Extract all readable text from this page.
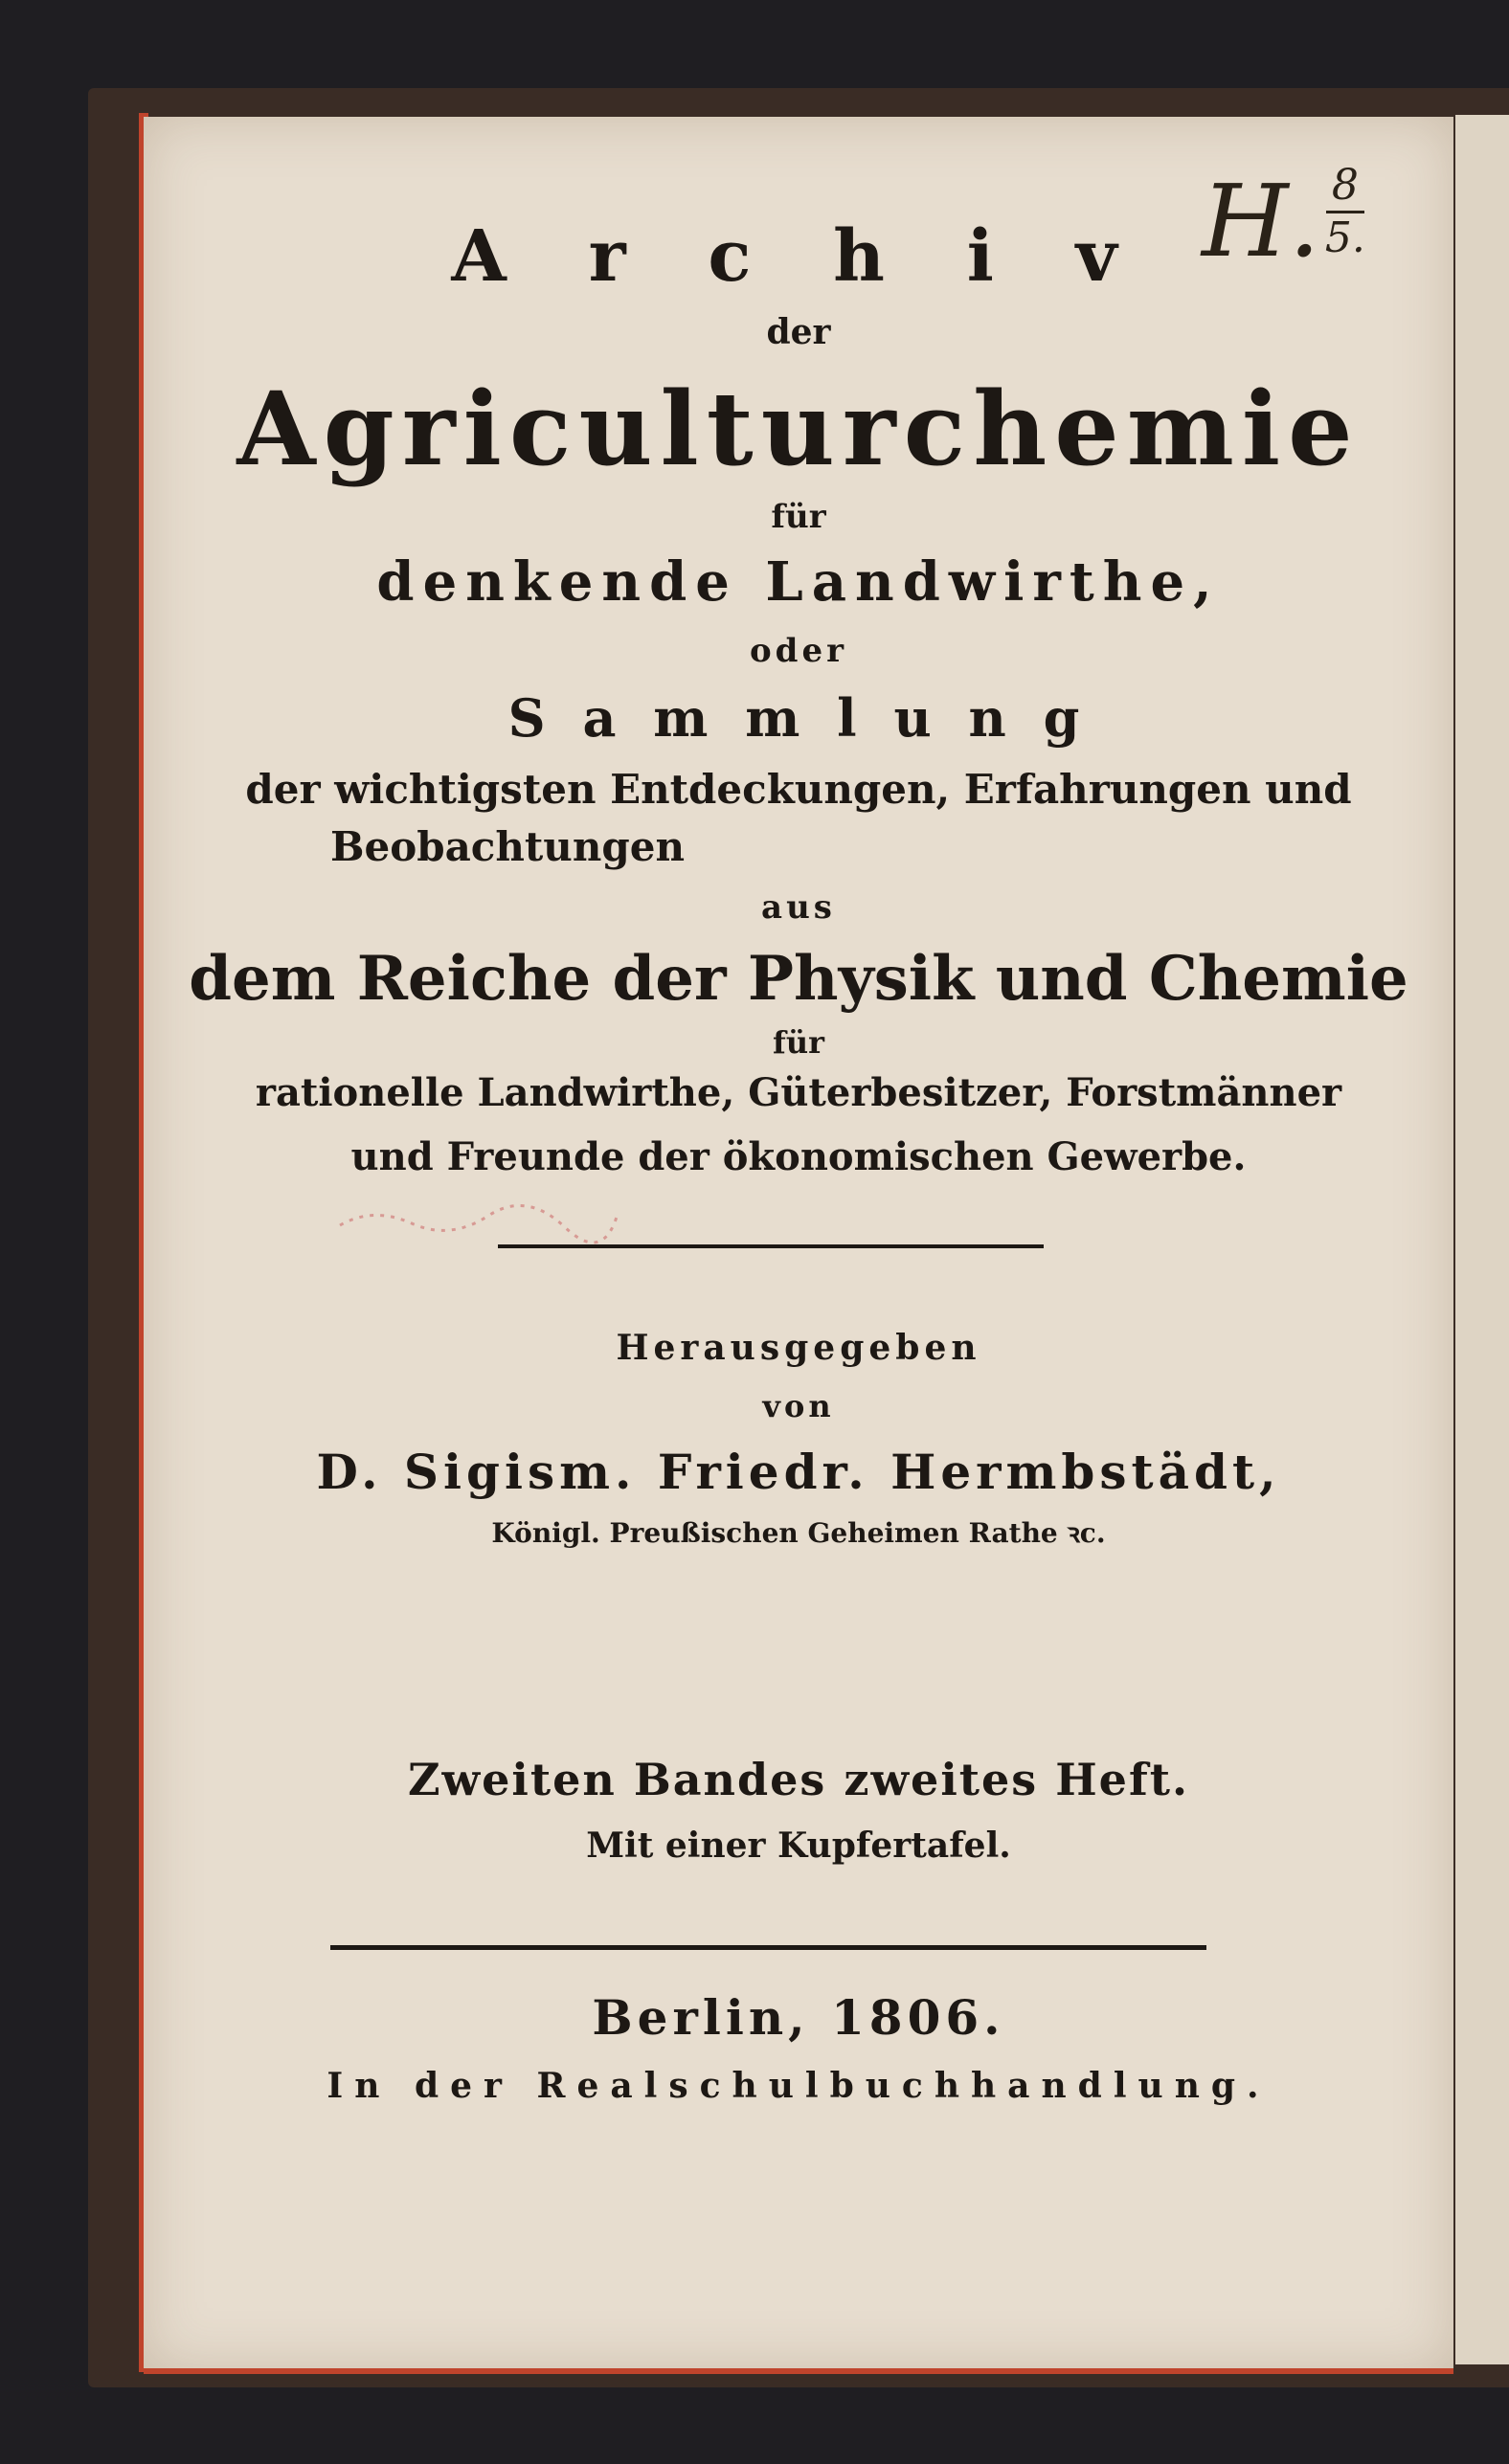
H. $\frac{8}{5.}$

A r c h i v

der

Agriculturchemie

für

denkende Landwirthe,

oder

S a m m l u n g

der wichtigsten Entdeckungen, Erfahrungen und

Beobachtungen

aus

dem Reiche der Physik und Chemie

für

rationelle Landwirthe, Güterbesitzer, Forstmänner

und Freunde der ökonomischen Gewerbe.

Herausgegeben

von

D. Sigism. Friedr. Hermbstädt,

Königl. Preußischen Geheimen Rathe ꝛc.

Zweiten Bandes zweites Heft.

Mit einer Kupfertafel.

Berlin, 1806.

In der Realschulbuchhandlung.
